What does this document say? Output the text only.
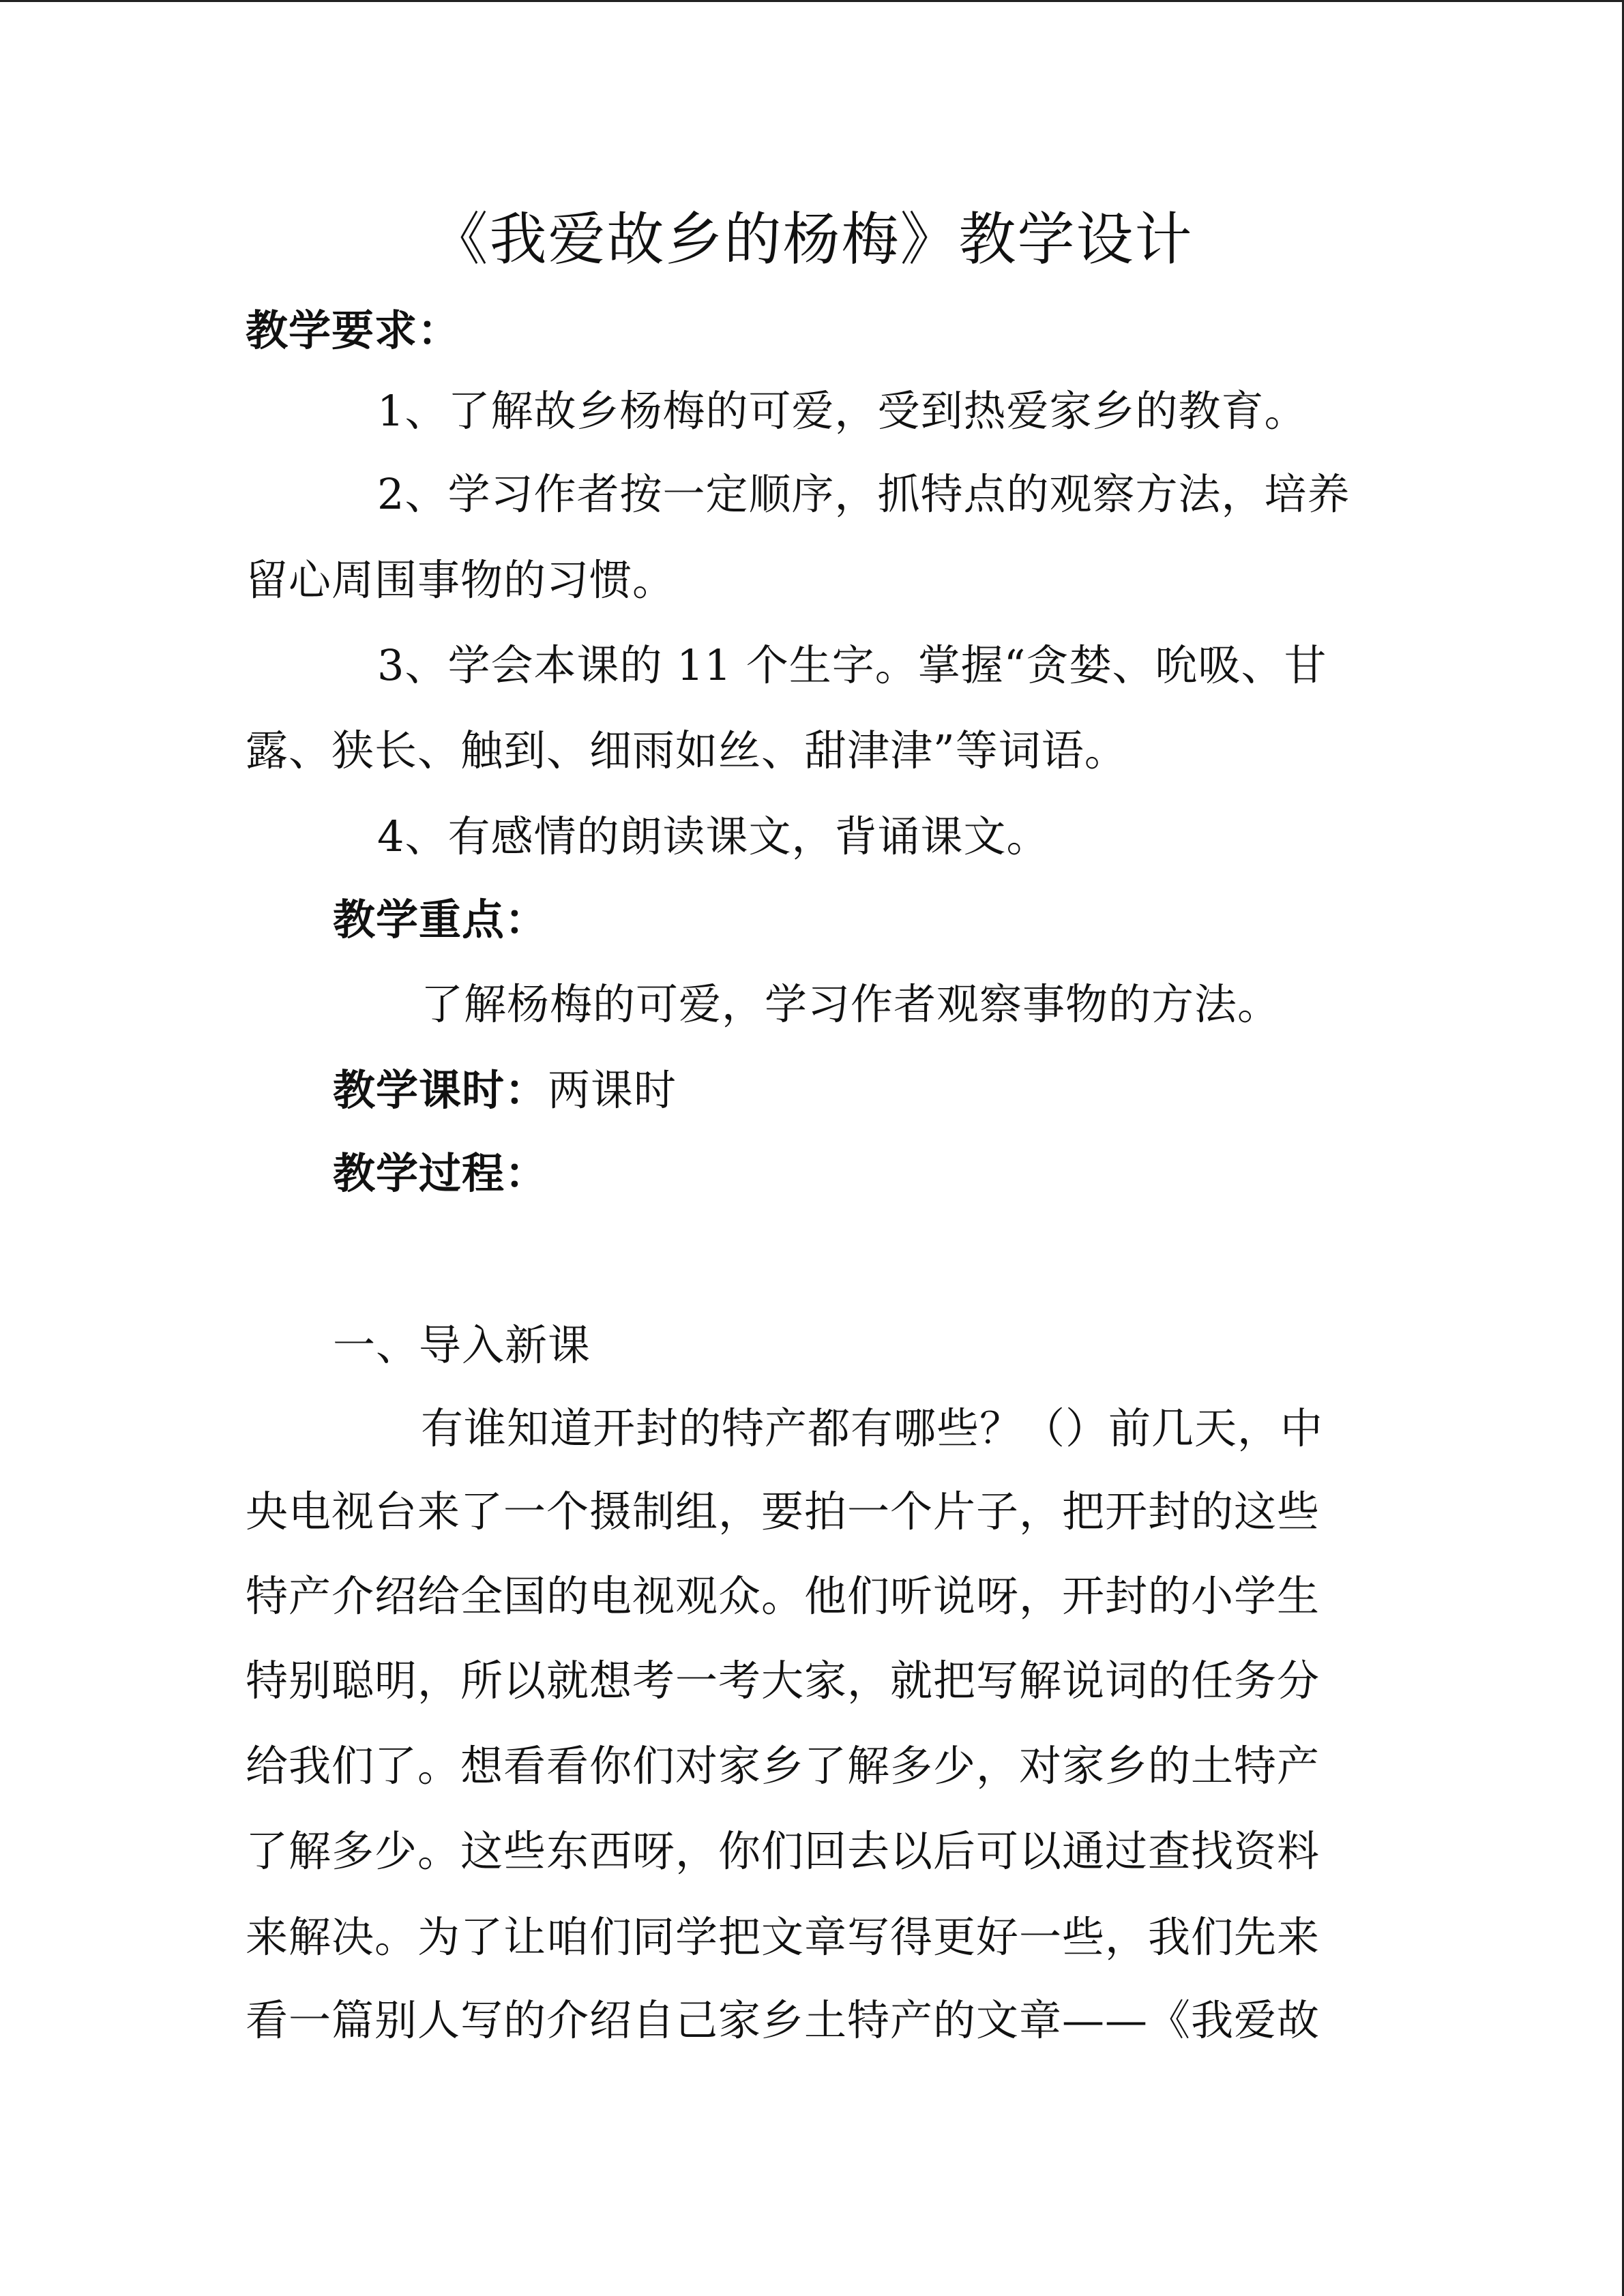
《我爱故乡的杨梅》教学设计
教学要求：
1、了解故乡杨梅的可爱，受到热爱家乡的教育。
2、学习作者按一定顺序，抓特点的观察方法，培养
留心周围事物的习惯。
3、学会本课的 11 个生字。掌握“贪婪、吮吸、甘
露、狭长、触到、细雨如丝、甜津津”等词语。
4、有感情的朗读课文，背诵课文。
教学重点：
了解杨梅的可爱，学习作者观察事物的方法。
教学课时：两课时
教学过程：
一、导入新课
有谁知道开封的特产都有哪些？（）前几天，中
央电视台来了一个摄制组，要拍一个片子，把开封的这些
特产介绍给全国的电视观众。他们听说呀，开封的小学生
特别聪明，所以就想考一考大家，就把写解说词的任务分
给我们了。想看看你们对家乡了解多少，对家乡的土特产
了解多少。这些东西呀，你们回去以后可以通过查找资料
来解决。为了让咱们同学把文章写得更好一些，我们先来
看一篇别人写的介绍自己家乡土特产的文章——《我爱故
